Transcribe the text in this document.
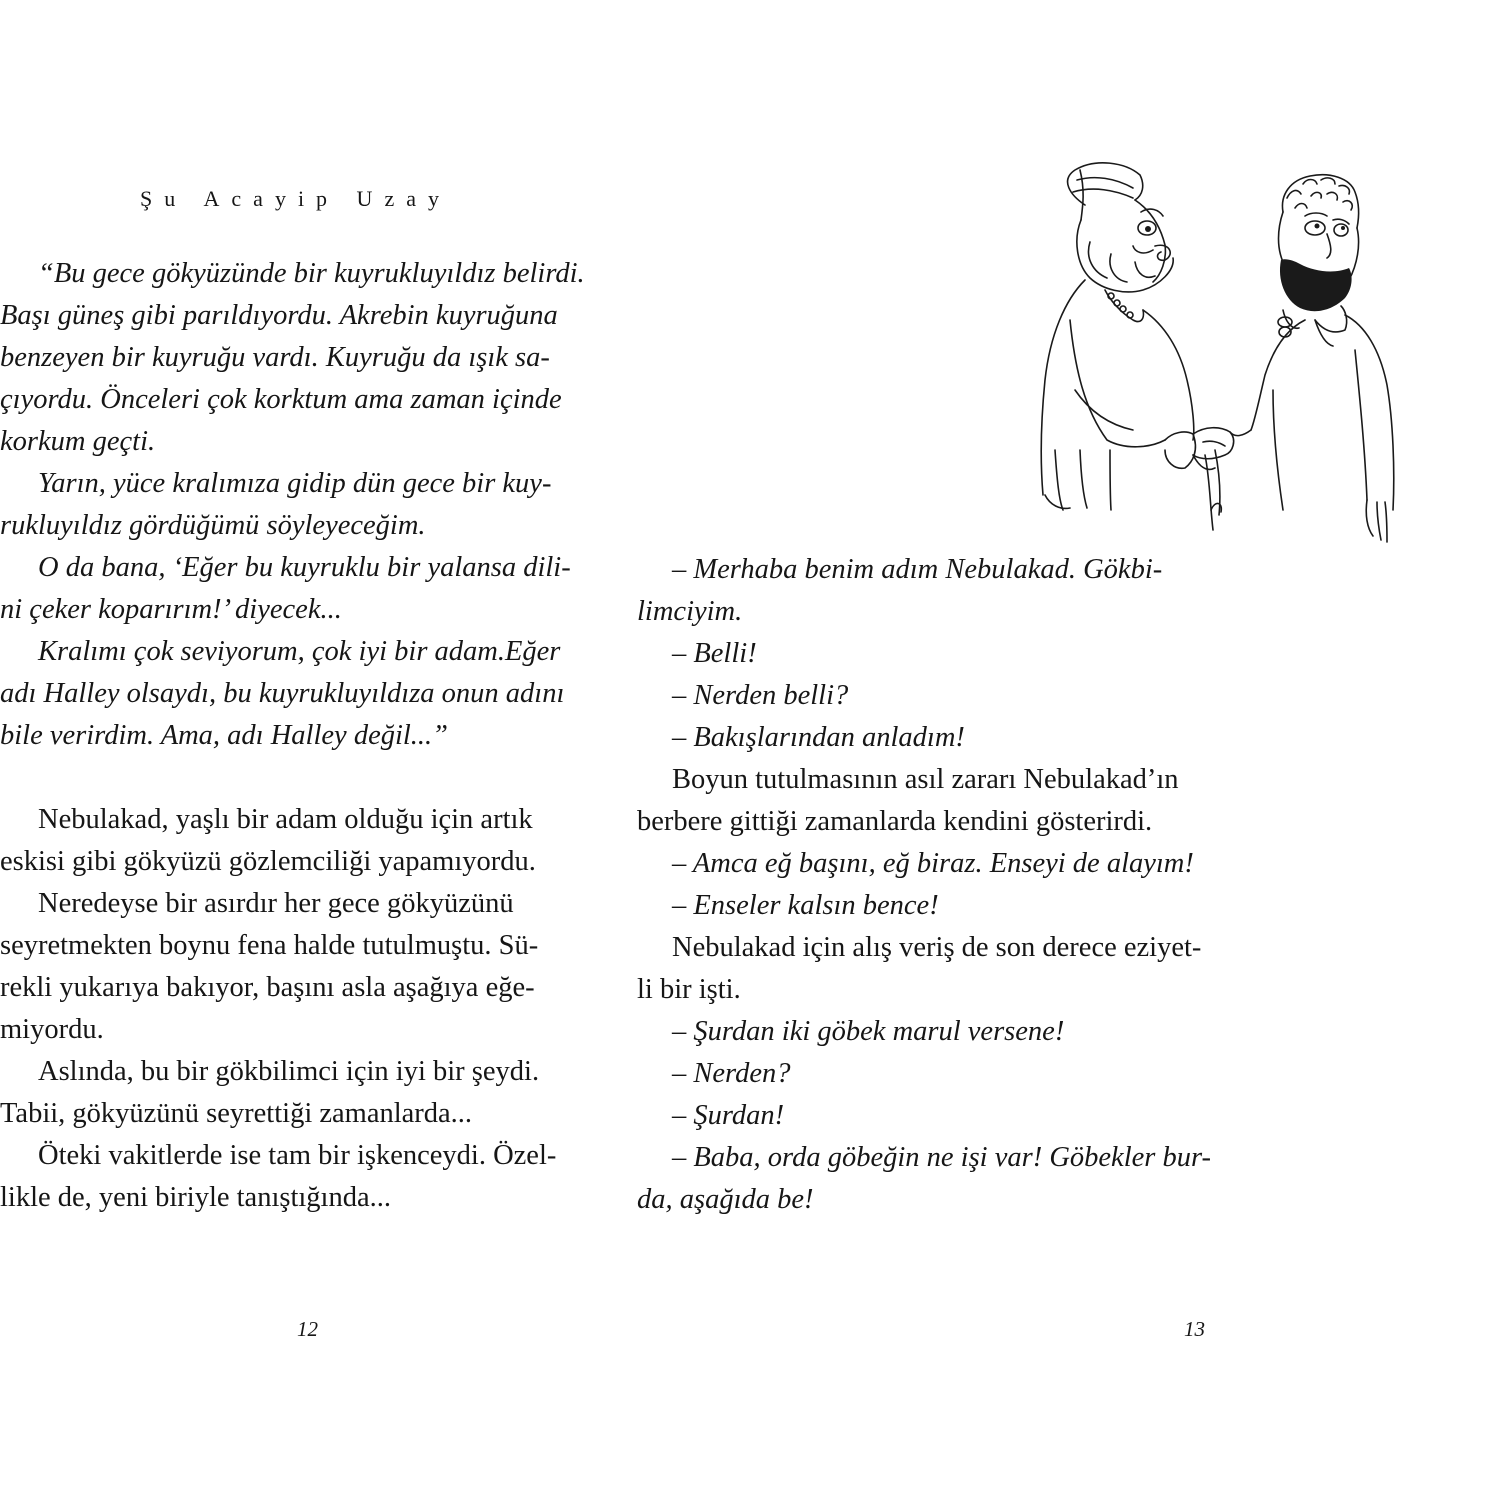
Şu Acayip Uzay
“Bu gece gökyüzünde bir kuyrukluyıldız belirdi.
Başı güneş gibi parıldıyordu. Akrebin kuyruğuna
benzeyen bir kuyruğu vardı. Kuyruğu da ışık sa-
çıyordu. Önceleri çok korktum ama zaman içinde
korkum geçti.
Yarın, yüce kralımıza gidip dün gece bir kuy-
rukluyıldız gördüğümü söyleyeceğim.
O da bana, ‘Eğer bu kuyruklu bir yalansa dili-
ni çeker koparırım!’ diyecek...
Kralımı çok seviyorum, çok iyi bir adam.Eğer
adı Halley olsaydı, bu kuyrukluyıldıza onun adını
bile verirdim. Ama, adı Halley değil...”
Nebulakad, yaşlı bir adam olduğu için artık
eskisi gibi gökyüzü gözlemciliği yapamıyordu.
Neredeyse bir asırdır her gece gökyüzünü
seyretmekten boynu fena halde tutulmuştu. Sü-
rekli yukarıya bakıyor, başını asla aşağıya eğe-
miyordu.
Aslında, bu bir gökbilimci için iyi bir şeydi.
Tabii, gökyüzünü seyrettiği zamanlarda...
Öteki vakitlerde ise tam bir işkenceydi. Özel-
likle de, yeni biriyle tanıştığında...
12
– Merhaba benim adım Nebulakad. Gökbi-
limciyim.
– Belli!
– Nerden belli?
– Bakışlarından anladım!
Boyun tutulmasının asıl zararı Nebulakad’ın
berbere gittiği zamanlarda kendini gösterirdi.
– Amca eğ başını, eğ biraz. Enseyi de alayım!
– Enseler kalsın bence!
Nebulakad için alış veriş de son derece eziyet-
li bir işti.
– Şurdan iki göbek marul versene!
– Nerden?
– Şurdan!
– Baba, orda göbeğin ne işi var! Göbekler bur-
da, aşağıda be!
13
